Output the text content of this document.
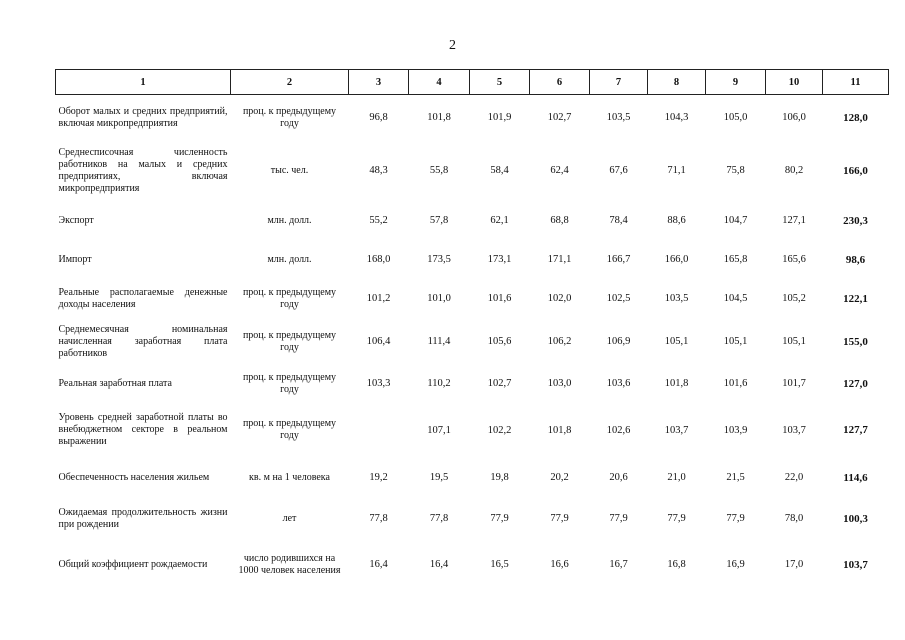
2
1	2	3	4	5	6	7	8	9	10	11
Оборот малых и средних предприятий, включая микропредприятия	проц. к предыдущему году	96,8	101,8	101,9	102,7	103,5	104,3	105,0	106,0	128,0
Среднесписочная численность работников на малых и средних предприятиях, включая микропредприятия	тыс. чел.	48,3	55,8	58,4	62,4	67,6	71,1	75,8	80,2	166,0
Экспорт	млн. долл.	55,2	57,8	62,1	68,8	78,4	88,6	104,7	127,1	230,3
Импорт	млн. долл.	168,0	173,5	173,1	171,1	166,7	166,0	165,8	165,6	98,6
Реальные располагаемые денежные доходы населения	проц. к предыдущему году	101,2	101,0	101,6	102,0	102,5	103,5	104,5	105,2	122,1
Среднемесячная номинальная начисленная заработная плата работников	проц. к предыдущему году	106,4	111,4	105,6	106,2	106,9	105,1	105,1	105,1	155,0
Реальная заработная плата	проц. к предыдущему году	103,3	110,2	102,7	103,0	103,6	101,8	101,6	101,7	127,0
Уровень средней заработной платы во внебюджетном секторе в реальном выражении	проц. к предыдущему году		107,1	102,2	101,8	102,6	103,7	103,9	103,7	127,7
Обеспеченность населения жильем	кв. м на 1 человека	19,2	19,5	19,8	20,2	20,6	21,0	21,5	22,0	114,6
Ожидаемая продолжительность жизни при рождении	лет	77,8	77,8	77,9	77,9	77,9	77,9	77,9	78,0	100,3
Общий коэффициент рождаемости	число родившихся на 1000 человек населения	16,4	16,4	16,5	16,6	16,7	16,8	16,9	17,0	103,7
